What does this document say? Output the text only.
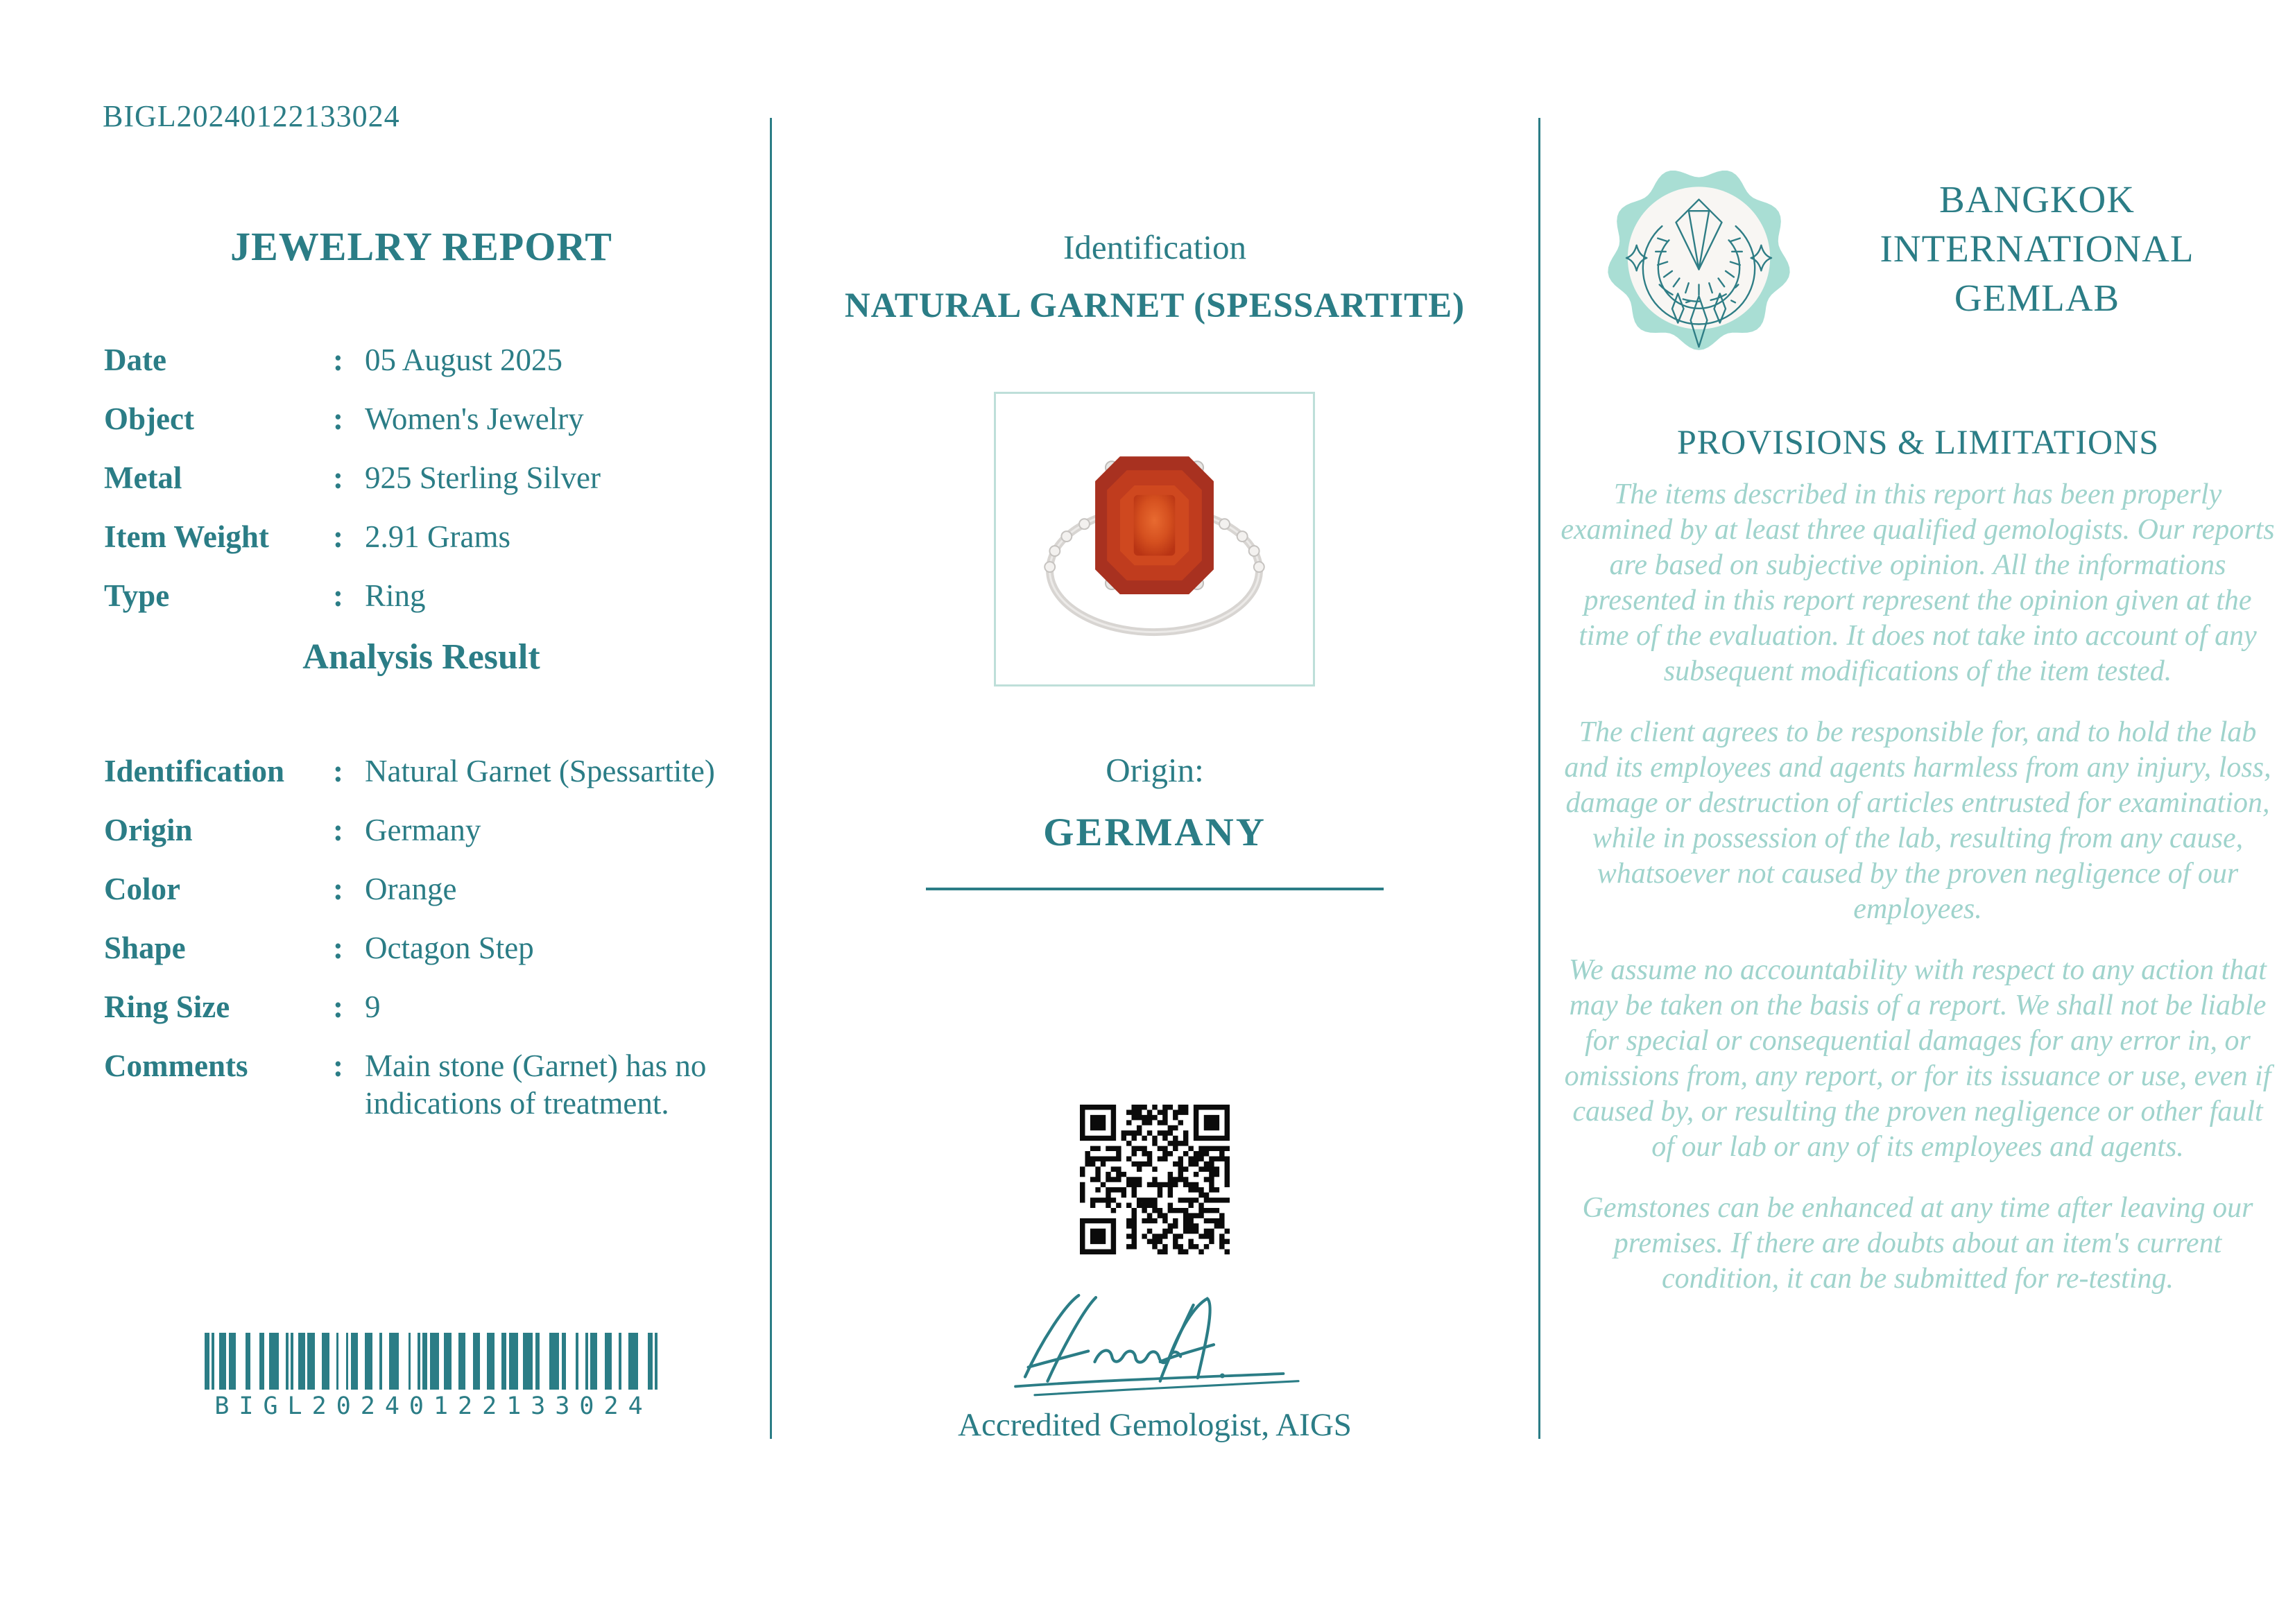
BIGL20240122133024
JEWELRY REPORT
Date	: 05 August 2025
Object	: Women's Jewelry
Metal	: 925 Sterling Silver
Item Weight	: 2.91 Grams
Type	: Ring
Analysis Result
Identification	: Natural Garnet (Spessartite)
Origin	: Germany
Color	: Orange
Shape	: Octagon Step
Ring Size	: 9
Comments	: Main stone (Garnet) has no indications of treatment.
BIGL20240122133024
Identification
NATURAL GARNET (SPESSARTITE)
Origin:
GERMANY
Accredited Gemologist, AIGS
BANGKOK
INTERNATIONAL
GEMLAB
PROVISIONS & LIMITATIONS

The items described in this report has been properly examined by at least three qualified gemologists. Our reports are based on subjective opinion. All the informations presented in this report represent the opinion given at the time of the evaluation. It does not take into account of any subsequent modifications of the item tested.

The client agrees to be responsible for, and to hold the lab and its employees and agents harmless from any injury, loss, damage or destruction of articles entrusted for examination, while in possession of the lab, resulting from any cause, whatsoever not caused by the proven negligence of our employees.

We assume no accountability with respect to any action that may be taken on the basis of a report. We shall not be liable for special or consequential damages for any error in, or omissions from, any report, or for its issuance or use, even if caused by, or resulting the proven negligence or other fault of our lab or any of its employees and agents.

Gemstones can be enhanced at any time after leaving our premises. If there are doubts about an item's current condition, it can be submitted for re-testing.
